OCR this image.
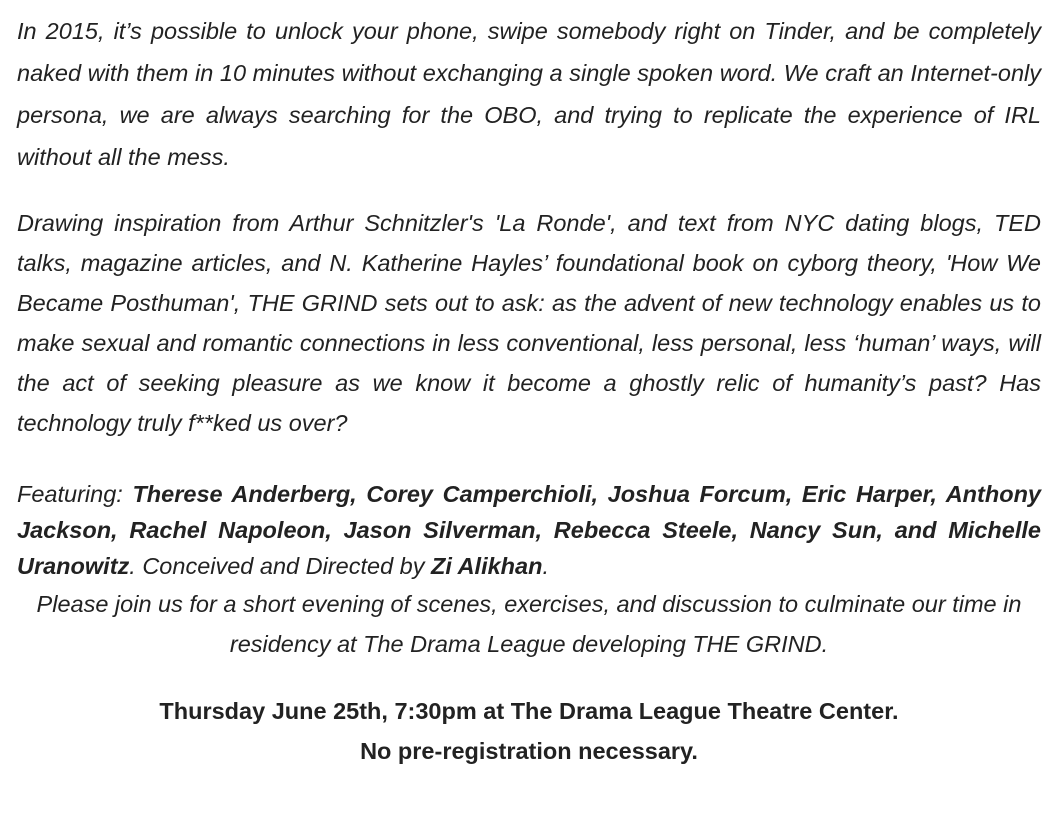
In 2015, it’s possible to unlock your phone, swipe somebody right on Tinder, and be completely naked with them in 10 minutes without exchanging a single spoken word. We craft an Internet-only persona, we are always searching for the OBO, and trying to replicate the experience of IRL without all the mess.

Drawing inspiration from Arthur Schnitzler's 'La Ronde', and text from NYC dating blogs, TED talks, magazine articles, and N. Katherine Hayles’ foundational book on cyborg theory, 'How We Became Posthuman', THE GRIND sets out to ask: as the advent of new technology enables us to make sexual and romantic connections in less conventional, less personal, less ‘human’ ways, will the act of seeking pleasure as we know it become a ghostly relic of humanity’s past? Has technology truly f**ked us over?

Featuring: Therese Anderberg, Corey Camperchioli, Joshua Forcum, Eric Harper, Anthony Jackson, Rachel Napoleon, Jason Silverman, Rebecca Steele, Nancy Sun, and Michelle Uranowitz. Conceived and Directed by Zi Alikhan.

Please join us for a short evening of scenes, exercises, and discussion to culminate our time in residency at The Drama League developing THE GRIND.

Thursday June 25th, 7:30pm at The Drama League Theatre Center.
No pre-registration necessary.
